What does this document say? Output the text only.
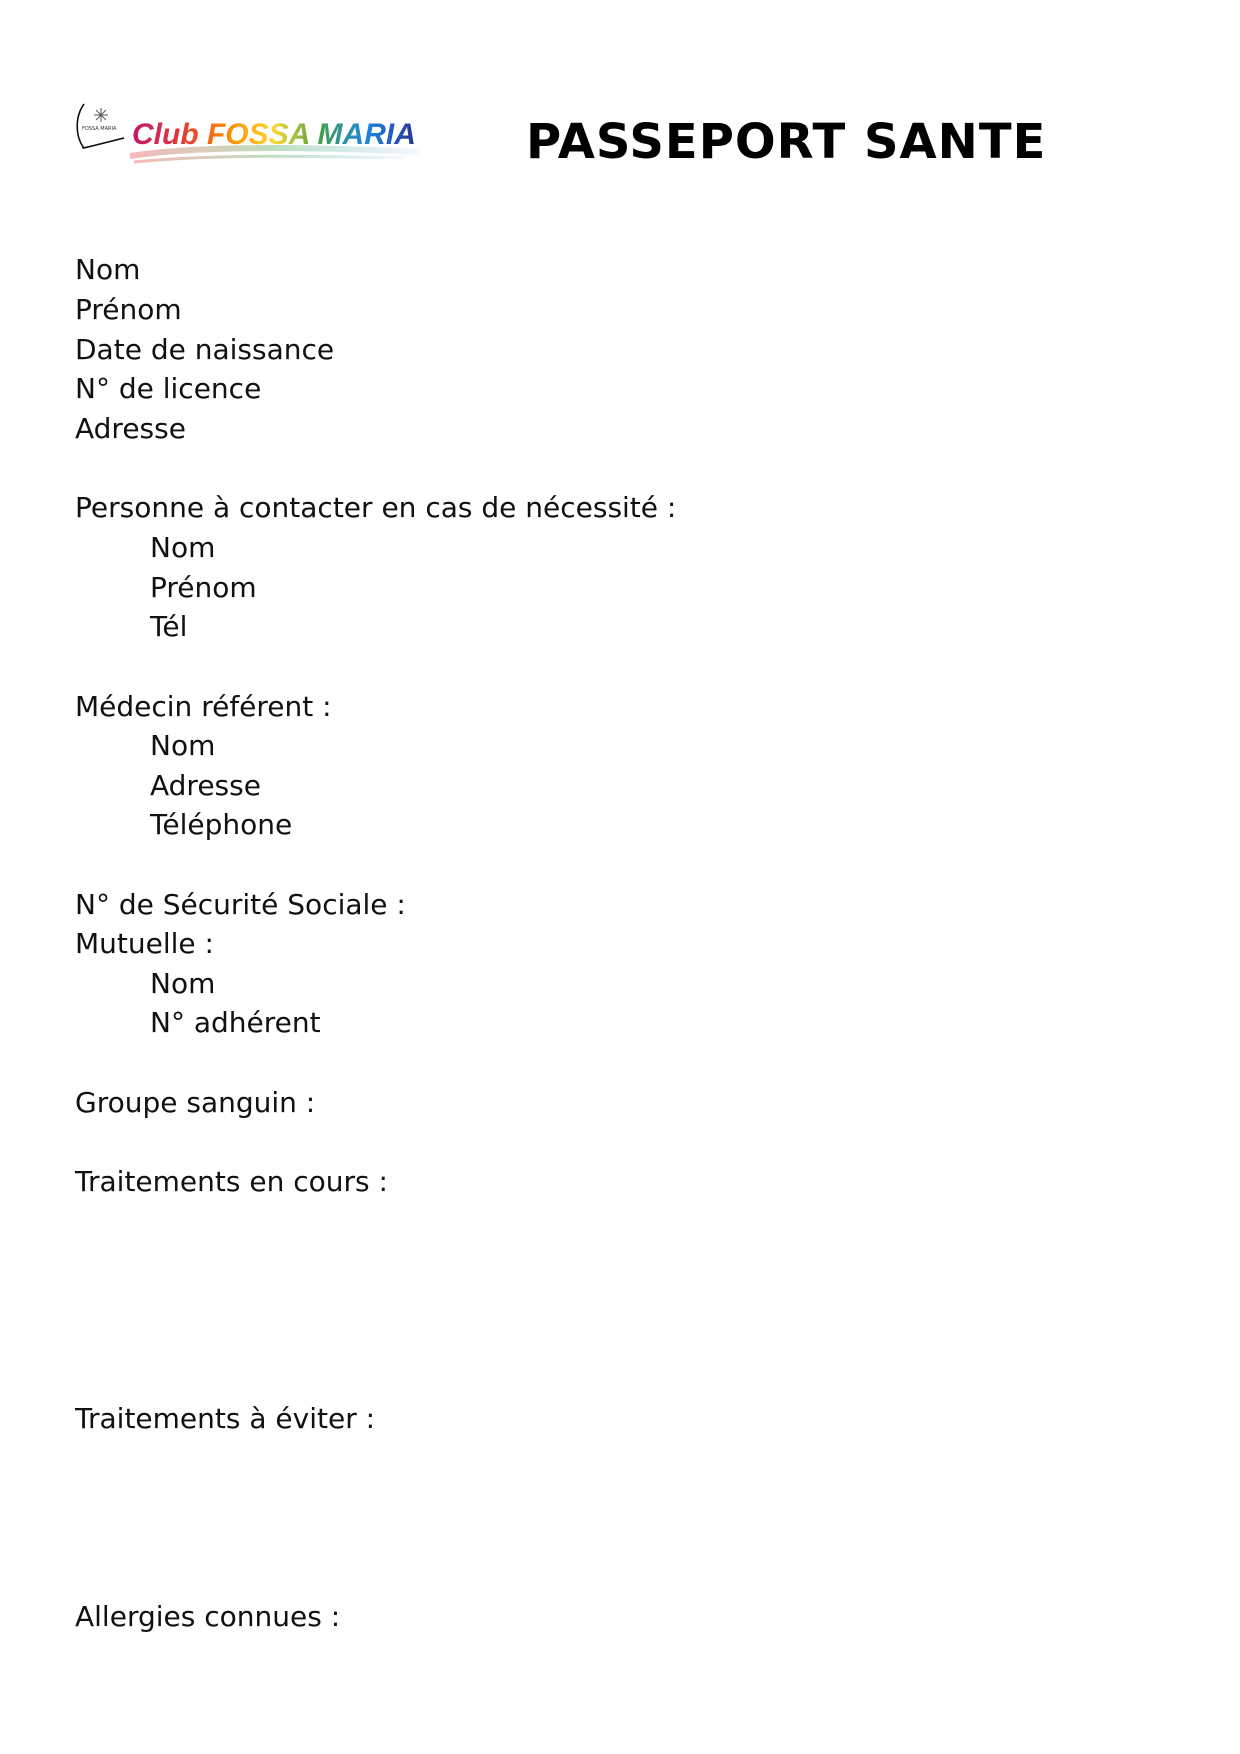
FOSSA MARIA Club FOSSA MARIA PASSEPORT SANTE
Nom
Prénom
Date de naissance
N° de licence
Adresse
Personne à contacter en cas de nécessité :
Nom
Prénom
Tél
Médecin référent :
Nom
Adresse
Téléphone
N° de Sécurité Sociale :
Mutuelle :
Nom
N° adhérent
Groupe sanguin :
Traitements en cours :
Traitements à éviter :
Allergies connues :
